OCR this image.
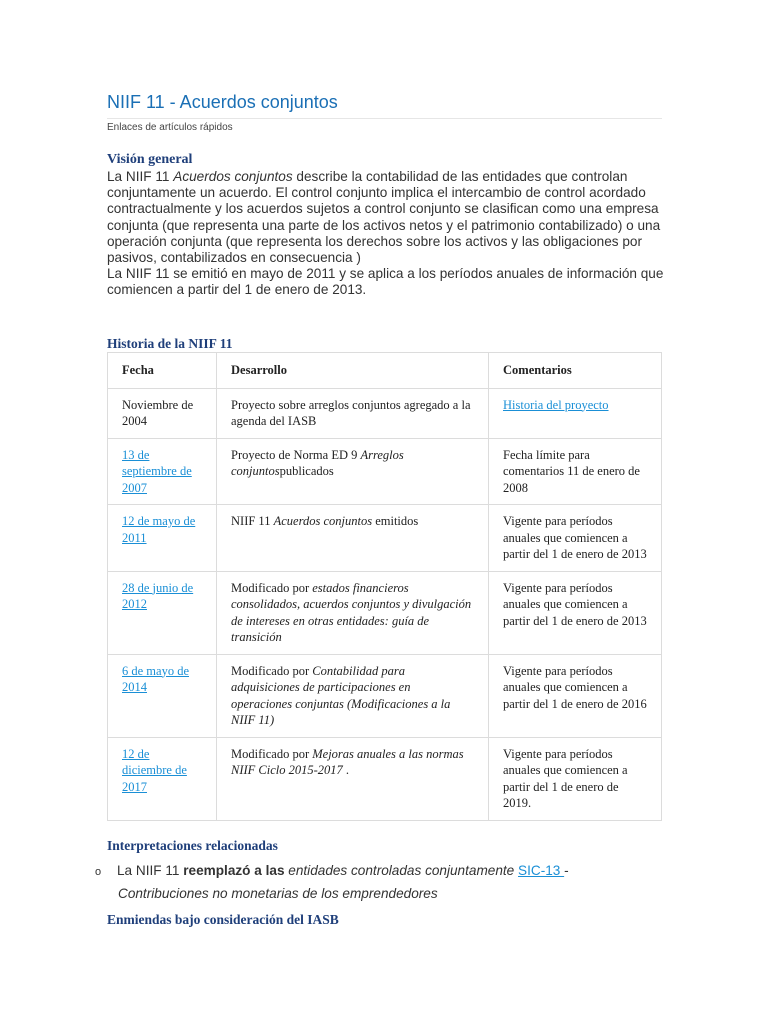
NIIF 11 - Acuerdos conjuntos
Enlaces de artículos rápidos
Visión general

La NIIF 11 Acuerdos conjuntos describe la contabilidad de las entidades que controlan conjuntamente un acuerdo. El control conjunto implica el intercambio de control acordado contractualmente y los acuerdos sujetos a control conjunto se clasifican como una empresa conjunta (que representa una parte de los activos netos y el patrimonio contabilizado) o una operación conjunta (que representa los derechos sobre los activos y las obligaciones por pasivos, contabilizados en consecuencia )

La NIIF 11 se emitió en mayo de 2011 y se aplica a los períodos anuales de información que comiencen a partir del 1 de enero de 2013.

Historia de la NIIF 11
Fecha	Desarrollo	Comentarios
Noviembre de 2004	Proyecto sobre arreglos conjuntos agregado a la agenda del IASB	Historia del proyecto
13 de septiembre de 2007	Proyecto de Norma ED 9 Arreglos conjuntospublicados	Fecha límite para comentarios 11 de enero de 2008
12 de mayo de 2011	NIIF 11 Acuerdos conjuntos emitidos	Vigente para períodos anuales que comiencen a partir del 1 de enero de 2013
28 de junio de 2012	Modificado por estados financieros consolidados, acuerdos conjuntos y divulgación de intereses en otras entidades: guía de transición	Vigente para períodos anuales que comiencen a partir del 1 de enero de 2013
6 de mayo de 2014	Modificado por Contabilidad para adquisiciones de participaciones en operaciones conjuntas (Modificaciones a la NIIF 11)	Vigente para períodos anuales que comiencen a partir del 1 de enero de 2016
12 de diciembre de 2017	Modificado por Mejoras anuales a las normas NIIF Ciclo 2015-2017 .	Vigente para períodos anuales que comiencen a partir del 1 de enero de 2019.
Interpretaciones relacionadas
o La NIIF 11 reemplazó a las entidades controladas conjuntamente SIC-13 -
Contribuciones no monetarias de los emprendedores
Enmiendas bajo consideración del IASB
